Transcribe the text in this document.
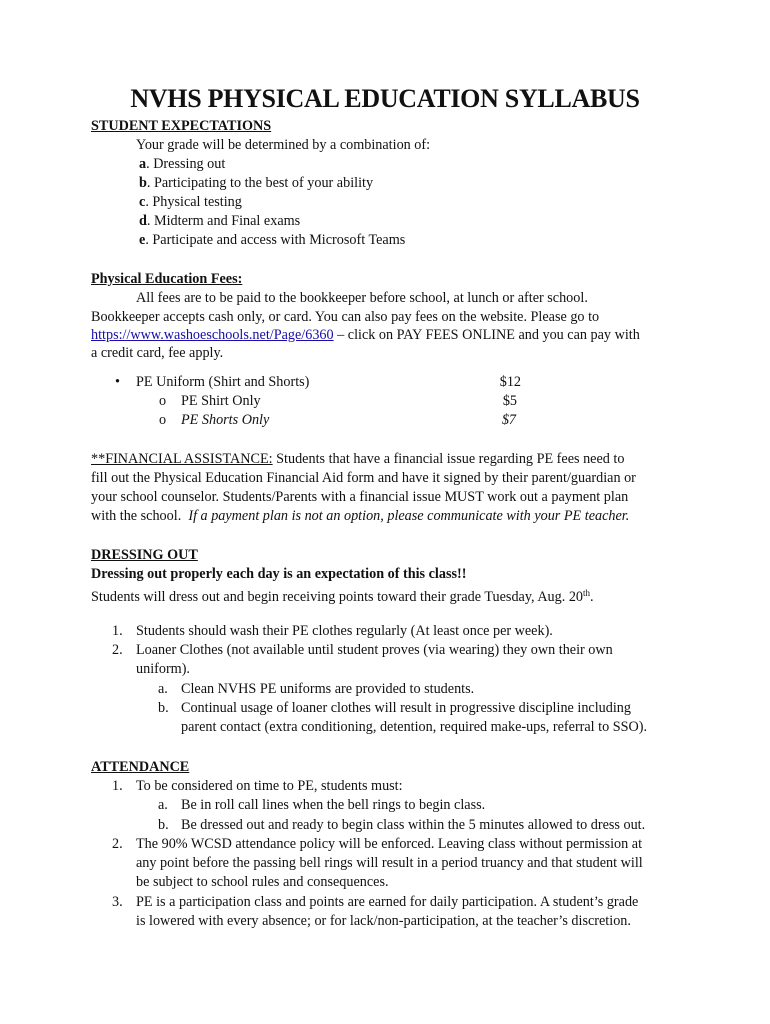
NVHS PHYSICAL EDUCATION SYLLABUS
STUDENT EXPECTATIONS
Your grade will be determined by a combination of:
a. Dressing out
b. Participating to the best of your ability
c. Physical testing
d. Midterm and Final exams
e. Participate and access with Microsoft Teams
Physical Education Fees:
All fees are to be paid to the bookkeeper before school, at lunch or after school.
Bookkeeper accepts cash only, or card. You can also pay fees on the website. Please go to
https://www.washoeschools.net/Page/6360 – click on PAY FEES ONLINE and you can pay with
a credit card, fee apply.
• PE Uniform (Shirt and Shorts)	$12
o PE Shirt Only	$5
o PE Shorts Only	$7
**FINANCIAL ASSISTANCE: Students that have a financial issue regarding PE fees need to
fill out the Physical Education Financial Aid form and have it signed by their parent/guardian or
your school counselor. Students/Parents with a financial issue MUST work out a payment plan
with the school. If a payment plan is not an option, please communicate with your PE teacher.
DRESSING OUT
Dressing out properly each day is an expectation of this class!!
Students will dress out and begin receiving points toward their grade Tuesday, Aug. 20th.
1. Students should wash their PE clothes regularly (At least once per week).
2. Loaner Clothes (not available until student proves (via wearing) they own their own
uniform).
a. Clean NVHS PE uniforms are provided to students.
b. Continual usage of loaner clothes will result in progressive discipline including
parent contact (extra conditioning, detention, required make-ups, referral to SSO).
ATTENDANCE
1. To be considered on time to PE, students must:
a. Be in roll call lines when the bell rings to begin class.
b. Be dressed out and ready to begin class within the 5 minutes allowed to dress out.
2. The 90% WCSD attendance policy will be enforced. Leaving class without permission at
any point before the passing bell rings will result in a period truancy and that student will
be subject to school rules and consequences.
3. PE is a participation class and points are earned for daily participation. A student’s grade
is lowered with every absence; or for lack/non-participation, at the teacher’s discretion.
